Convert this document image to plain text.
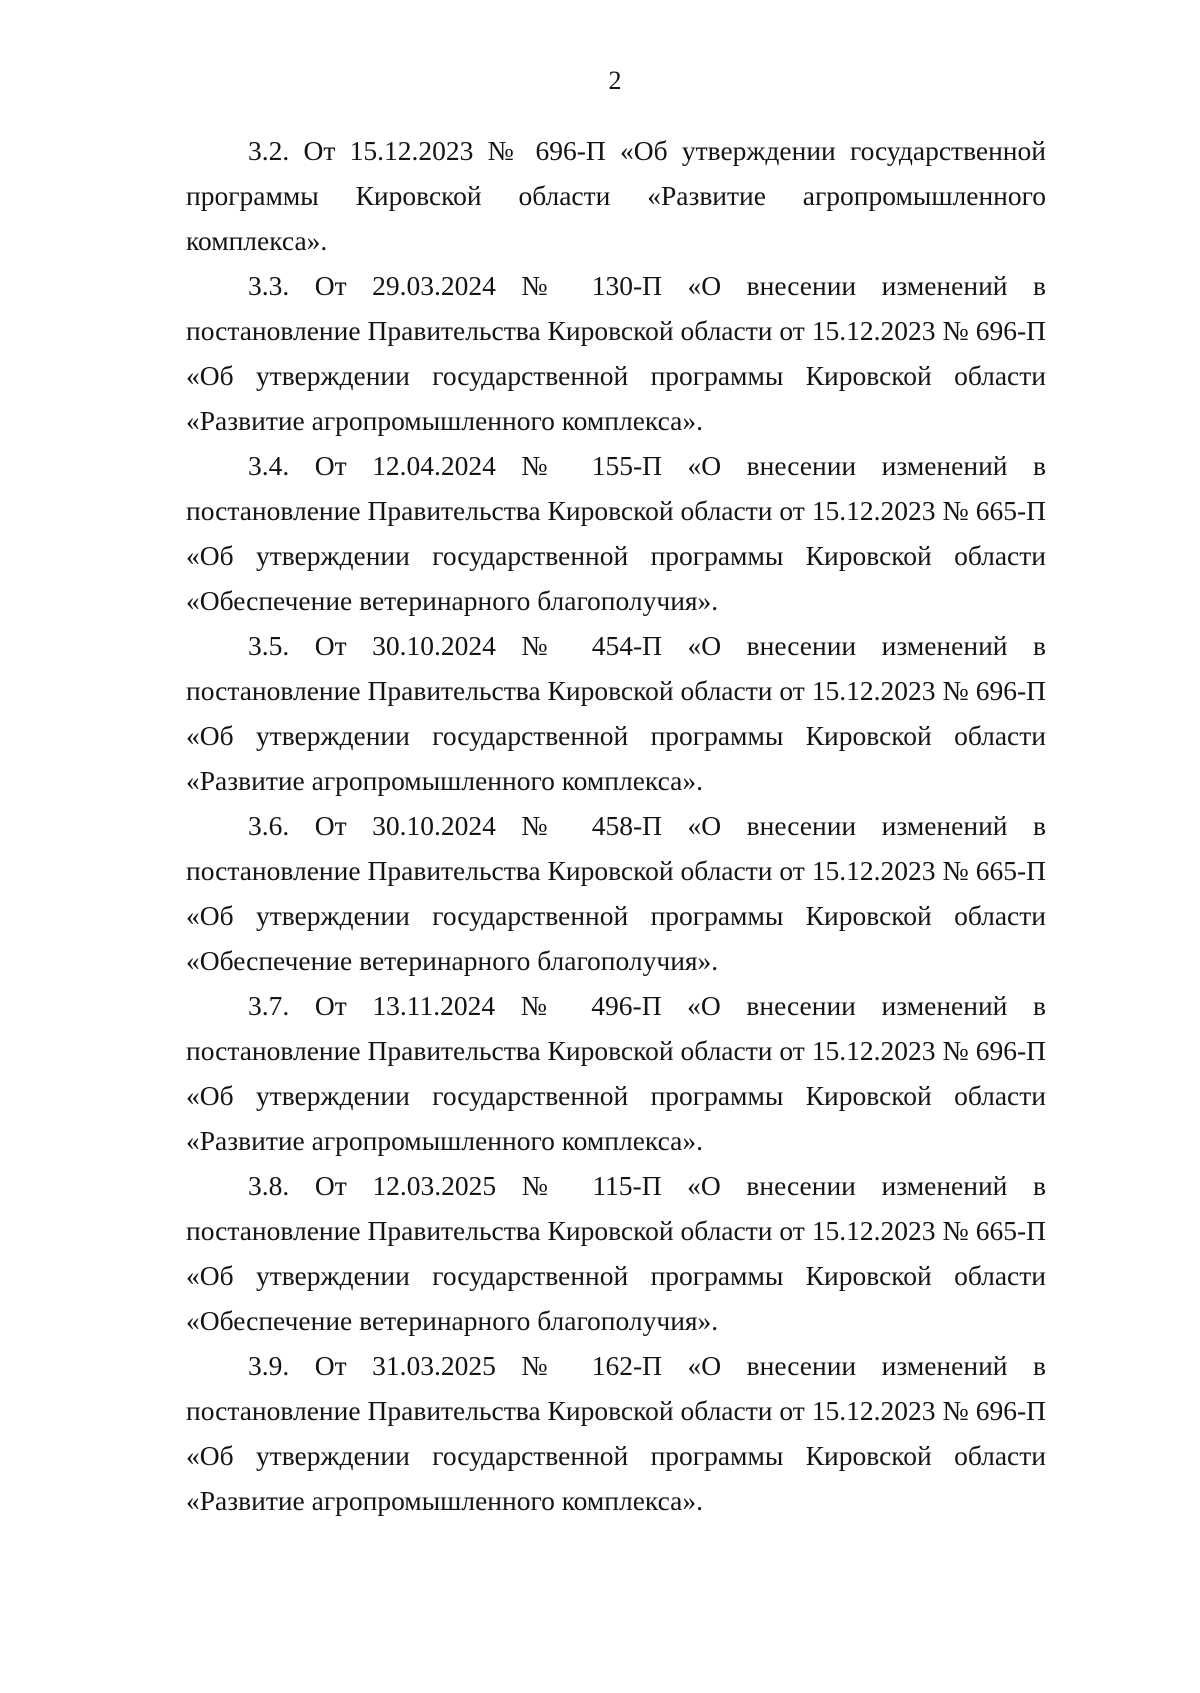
2

3.2. От 15.12.2023 № 696-П «Об утверждении государственной программы Кировской области «Развитие агропромышленного комплекса».

3.3. От 29.03.2024 № 130-П «О внесении изменений в постановление Правительства Кировской области от 15.12.2023 № 696-П «Об утверждении государственной программы Кировской области «Развитие агропромышленного комплекса».

3.4. От 12.04.2024 № 155-П «О внесении изменений в постановление Правительства Кировской области от 15.12.2023 № 665-П «Об утверждении государственной программы Кировской области «Обеспечение ветеринарного благополучия».

3.5. От 30.10.2024 № 454-П «О внесении изменений в постановление Правительства Кировской области от 15.12.2023 № 696-П «Об утверждении государственной программы Кировской области «Развитие агропромышленного комплекса».

3.6. От 30.10.2024 № 458-П «О внесении изменений в постановление Правительства Кировской области от 15.12.2023 № 665-П «Об утверждении государственной программы Кировской области «Обеспечение ветеринарного благополучия».

3.7. От 13.11.2024 № 496-П «О внесении изменений в постановление Правительства Кировской области от 15.12.2023 № 696-П «Об утверждении государственной программы Кировской области «Развитие агропромышленного комплекса».

3.8. От 12.03.2025 № 115-П «О внесении изменений в постановление Правительства Кировской области от 15.12.2023 № 665-П «Об утверждении государственной программы Кировской области «Обеспечение ветеринарного благополучия».

3.9. От 31.03.2025 № 162-П «О внесении изменений в постановление Правительства Кировской области от 15.12.2023 № 696-П «Об утверждении государственной программы Кировской области «Развитие агропромышленного комплекса».
